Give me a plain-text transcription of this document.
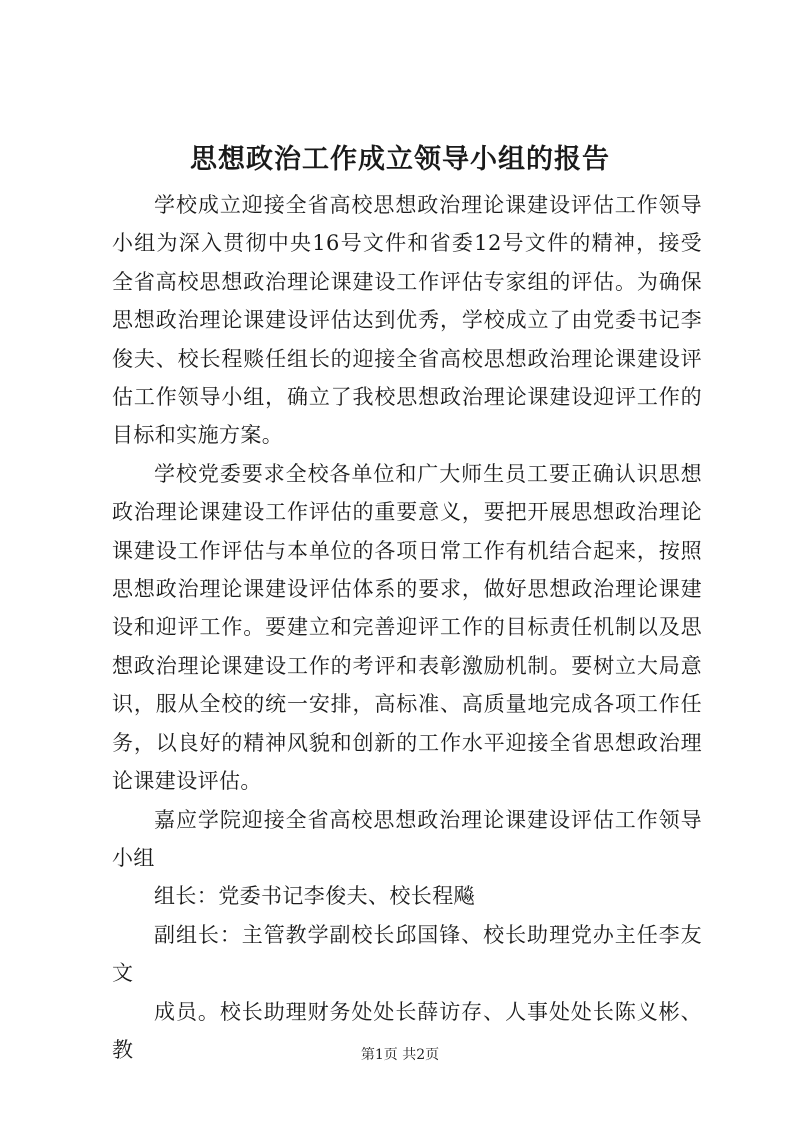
思想政治工作成立领导小组的报告

学校成立迎接全省高校思想政治理论课建设评估工作领导小组为深入贯彻中央16号文件和省委12号文件的精神，接受全省高校思想政治理论课建设工作评估专家组的评估。为确保思想政治理论课建设评估达到优秀，学校成立了由党委书记李俊夫、校长程赕任组长的迎接全省高校思想政治理论课建设评估工作领导小组，确立了我校思想政治理论课建设迎评工作的目标和实施方案。

学校党委要求全校各单位和广大师生员工要正确认识思想政治理论课建设工作评估的重要意义，要把开展思想政治理论课建设工作评估与本单位的各项日常工作有机结合起来，按照思想政治理论课建设评估体系的要求，做好思想政治理论课建设和迎评工作。要建立和完善迎评工作的目标责任机制以及思想政治理论课建设工作的考评和表彰激励机制。要树立大局意识，服从全校的统一安排，高标准、高质量地完成各项工作任务，以良好的精神风貌和创新的工作水平迎接全省思想政治理论课建设评估。

嘉应学院迎接全省高校思想政治理论课建设评估工作领导小组

组长：党委书记李俊夫、校长程飚

副组长：主管教学副校长邱国锋、校长助理党办主任李友文

成员。校长助理财务处处长薛访存、人事处处长陈义彬、教	第1页 共2页
